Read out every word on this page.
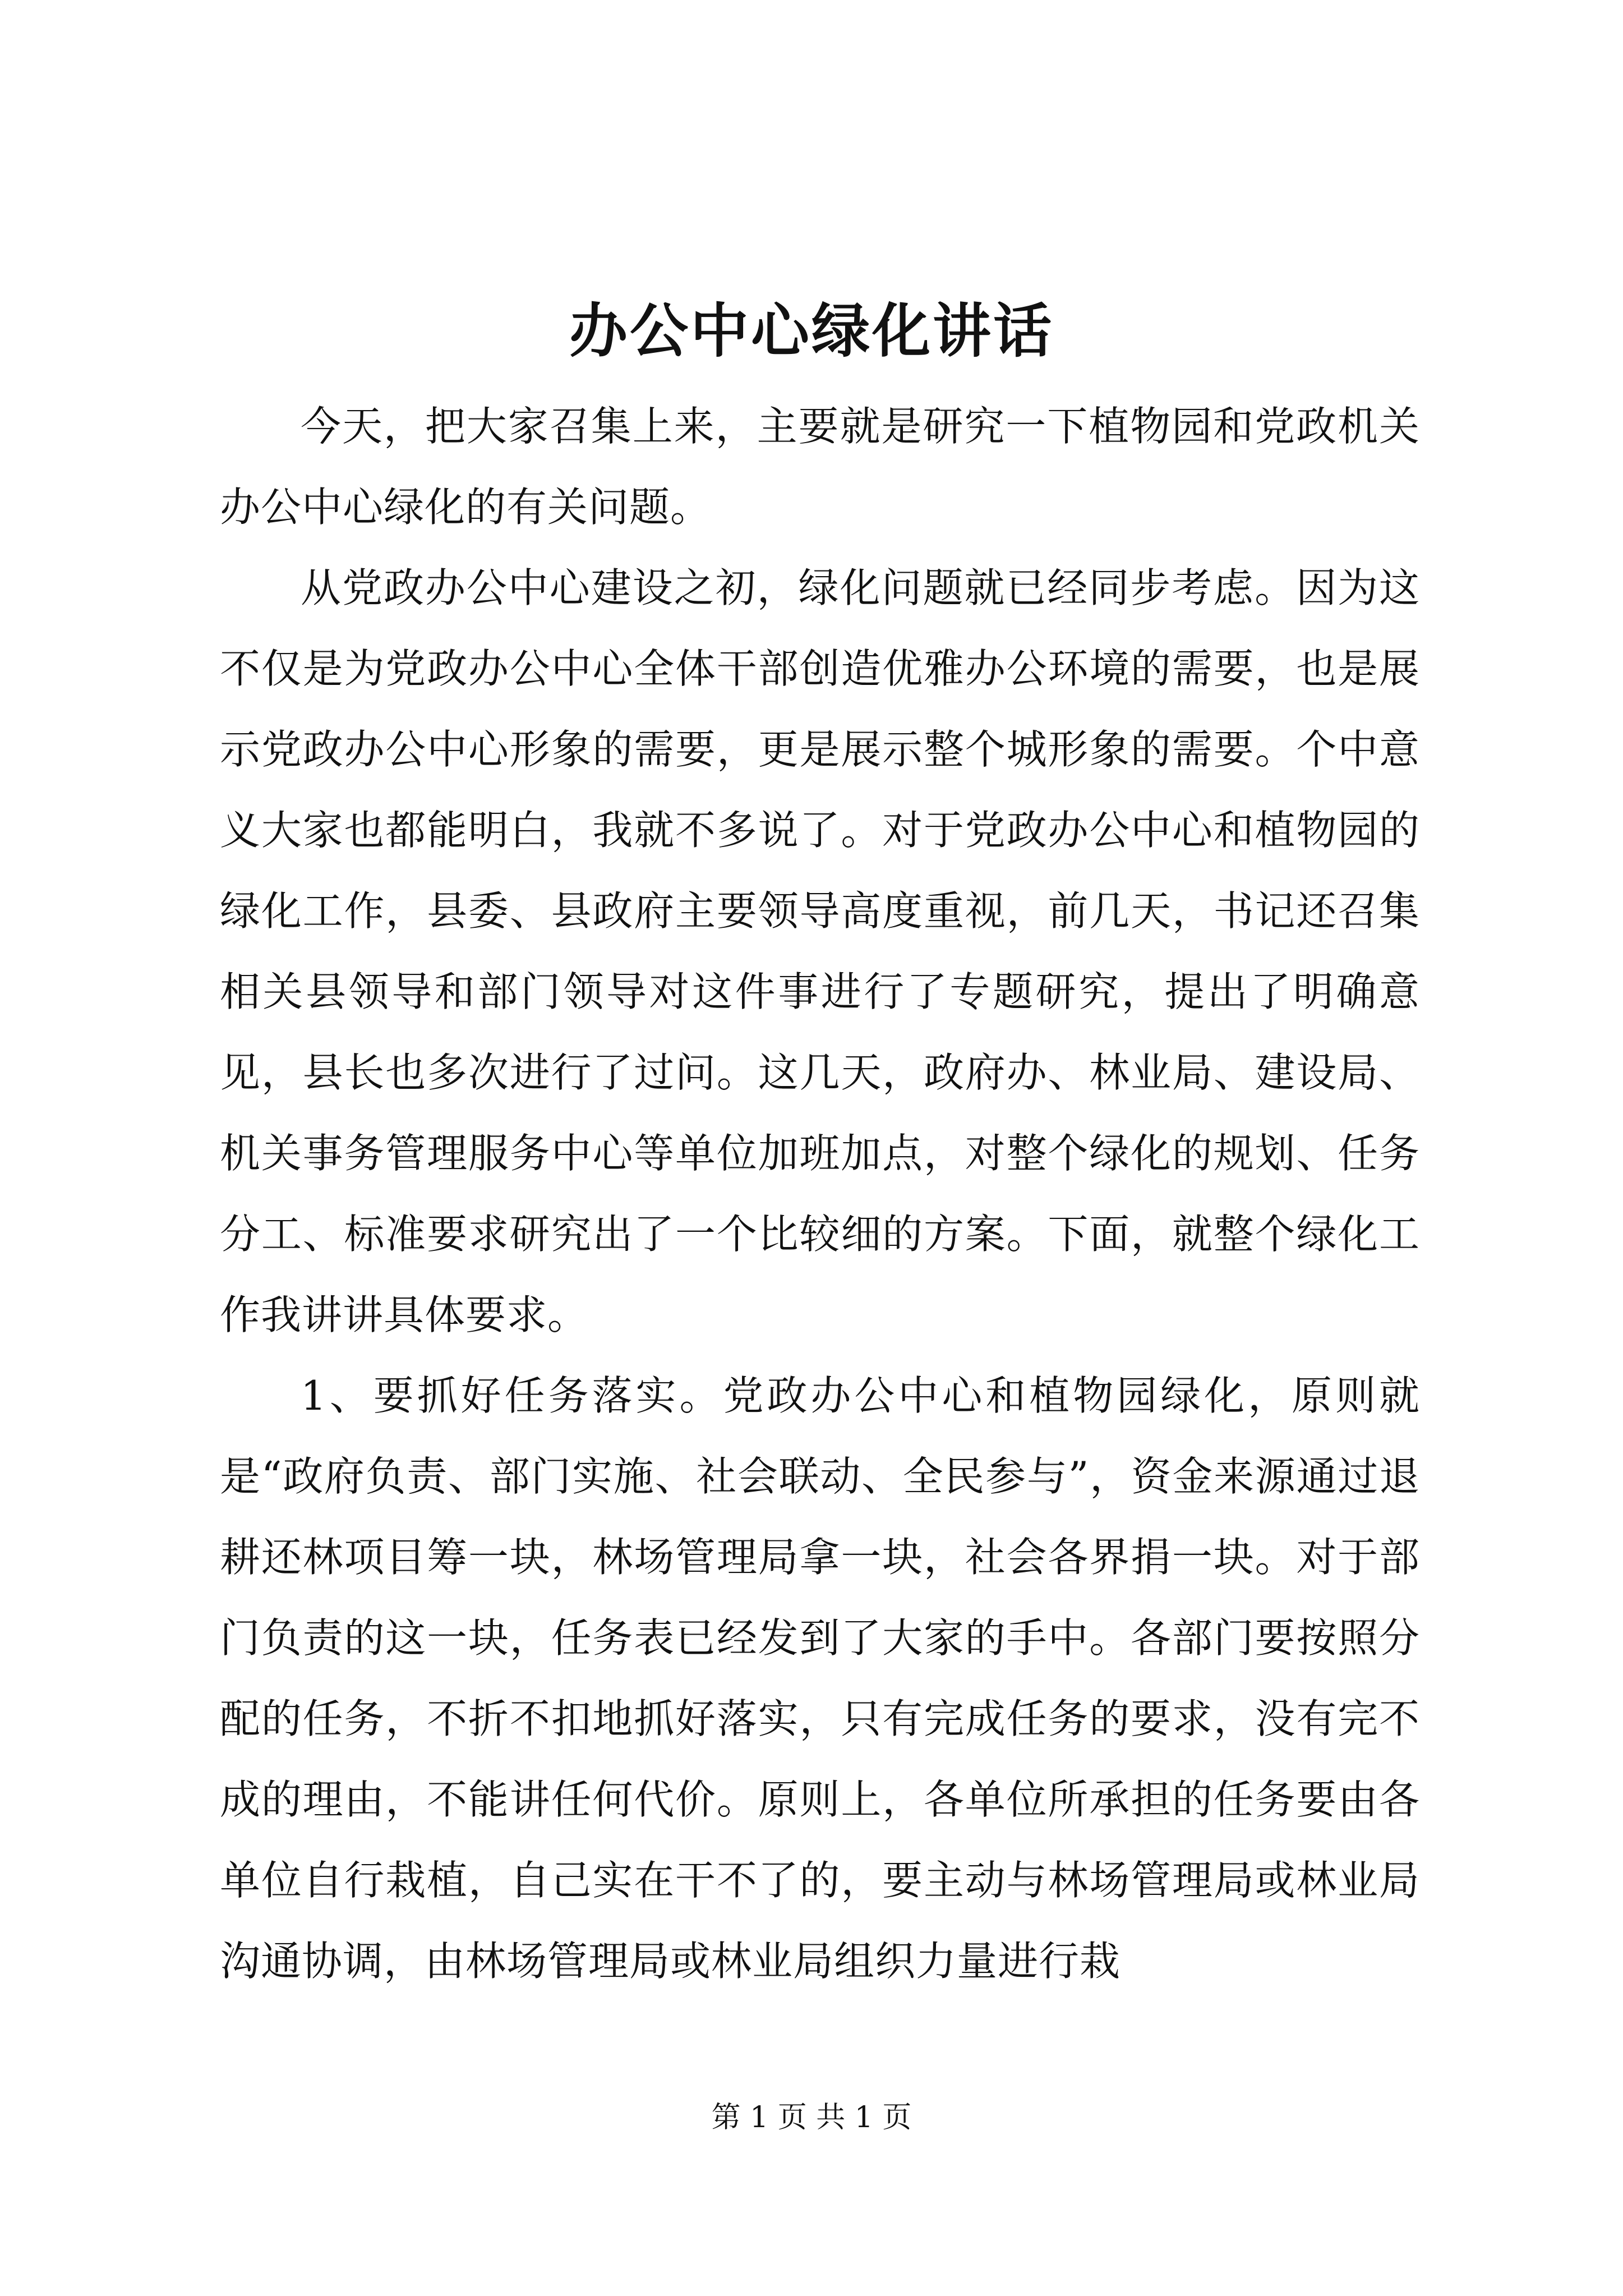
办公中心绿化讲话

今天，把大家召集上来，主要就是研究一下植物园和党政机关办公中心绿化的有关问题。

从党政办公中心建设之初，绿化问题就已经同步考虑。因为这不仅是为党政办公中心全体干部创造优雅办公环境的需要，也是展示党政办公中心形象的需要，更是展示整个城形象的需要。个中意义大家也都能明白，我就不多说了。对于党政办公中心和植物园的绿化工作，县委、县政府主要领导高度重视，前几天，书记还召集相关县领导和部门领导对这件事进行了专题研究，提出了明确意见，县长也多次进行了过问。这几天，政府办、林业局、建设局、机关事务管理服务中心等单位加班加点，对整个绿化的规划、任务分工、标准要求研究出了一个比较细的方案。下面，就整个绿化工作我讲讲具体要求。

1、要抓好任务落实。党政办公中心和植物园绿化，原则就是“政府负责、部门实施、社会联动、全民参与”，资金来源通过退耕还林项目筹一块，林场管理局拿一块，社会各界捐一块。对于部门负责的这一块，任务表已经发到了大家的手中。各部门要按照分配的任务，不折不扣地抓好落实，只有完成任务的要求，没有完不成的理由，不能讲任何代价。原则上，各单位所承担的任务要由各单位自行栽植，自己实在干不了的，要主动与林场管理局或林业局沟通协调，由林场管理局或林业局组织力量进行栽

第 1 页 共 1 页
